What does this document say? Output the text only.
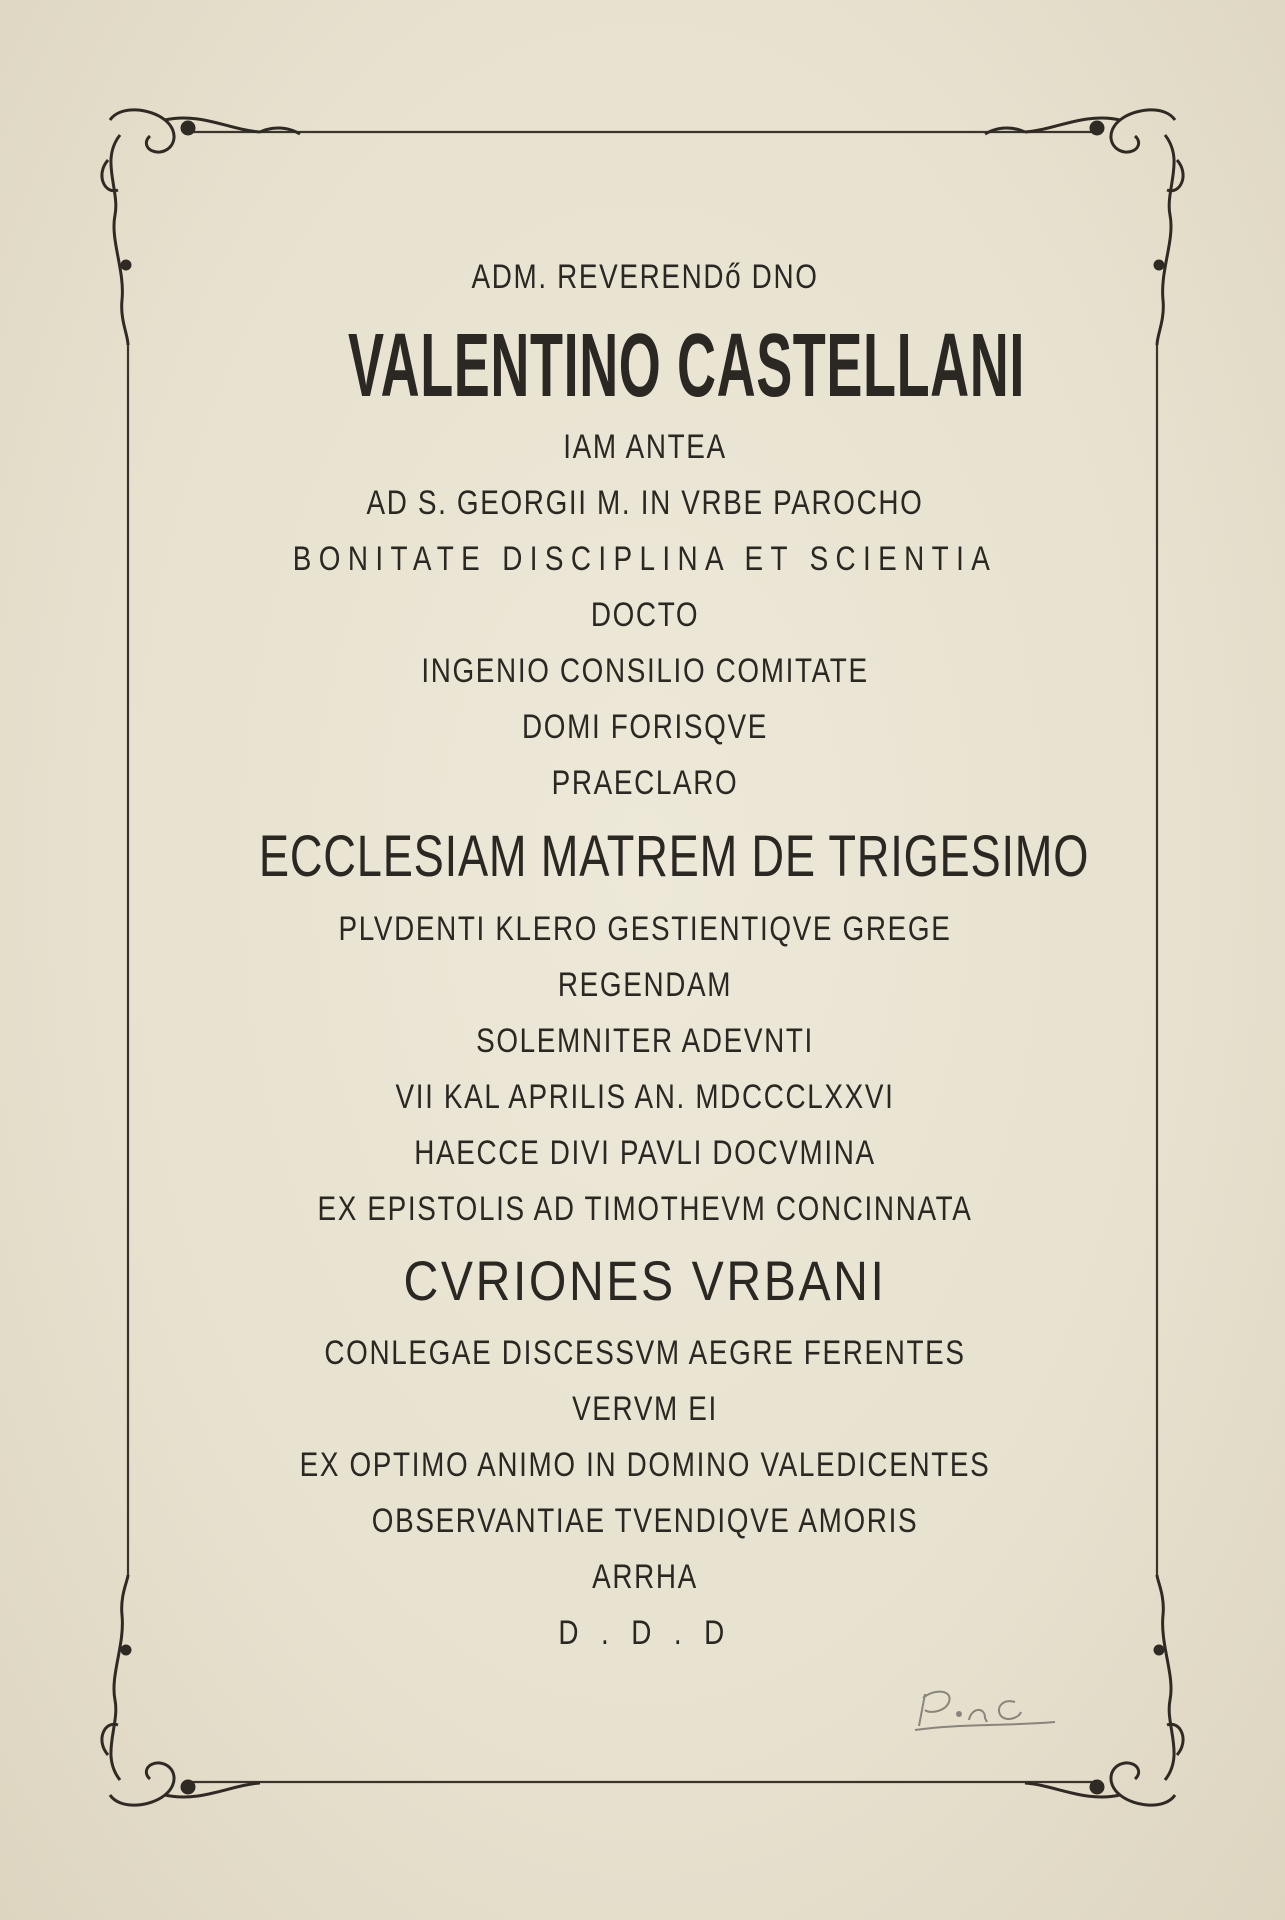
ADM. REVERENDő DNO
VALENTINO CASTELLANI
IAM ANTEA
AD S. GEORGII M. IN VRBE PAROCHO
BONITATE DISCIPLINA ET SCIENTIA
DOCTO
INGENIO CONSILIO COMITATE
DOMI FORISQVE
PRAECLARO
ECCLESIAM MATREM DE TRIGESIMO
PLVDENTI KLERO GESTIENTIQVE GREGE
REGENDAM
SOLEMNITER ADEVNTI
VII KAL APRILIS AN. MDCCCLXXVI
HAECCE DIVI PAVLI DOCVMINA
EX EPISTOLIS AD TIMOTHEVM CONCINNATA
CVRIONES VRBANI
CONLEGAE DISCESSVM AEGRE FERENTES
VERVM EI
EX OPTIMO ANIMO IN DOMINO VALEDICENTES
OBSERVANTIAE TVENDIQVE AMORIS
ARRHA
D . D . D
